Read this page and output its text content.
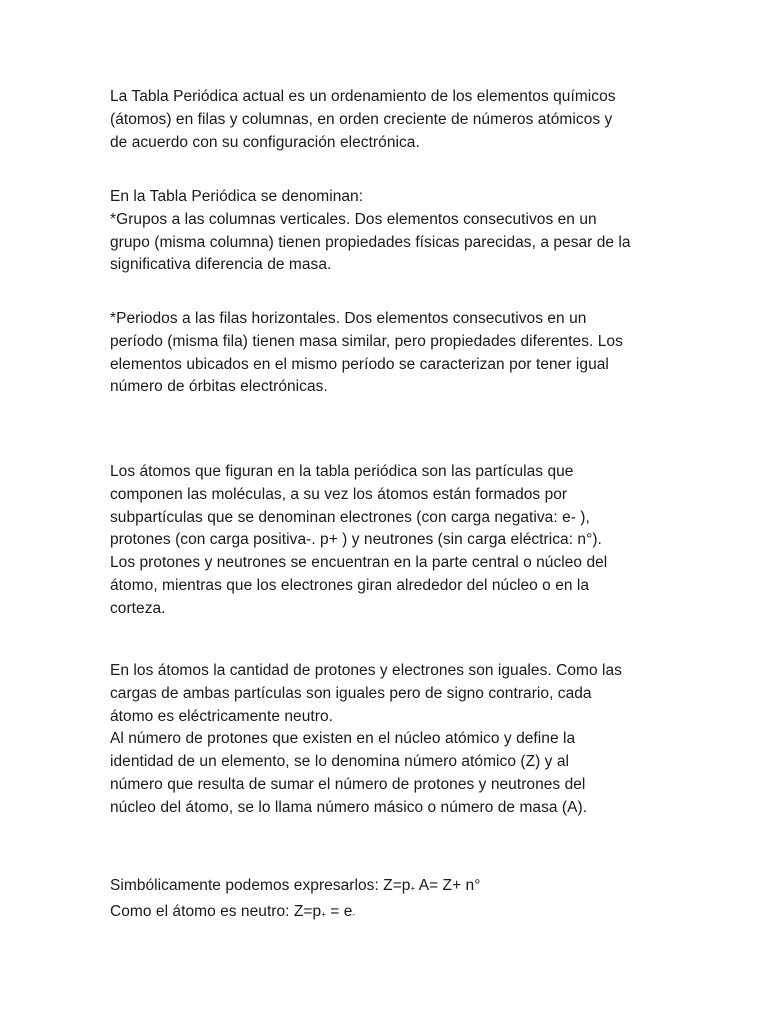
La Tabla Periódica actual es un ordenamiento de los elementos químicos
(átomos) en filas y columnas, en orden creciente de números atómicos y
de acuerdo con su configuración electrónica.

En la Tabla Periódica se denominan:
*Grupos a las columnas verticales. Dos elementos consecutivos en un
grupo (misma columna) tienen propiedades físicas parecidas, a pesar de la
significativa diferencia de masa.

*Periodos a las filas horizontales. Dos elementos consecutivos en un
período (misma fila) tienen masa similar, pero propiedades diferentes. Los
elementos ubicados en el mismo período se caracterizan por tener igual
número de órbitas electrónicas.

Los átomos que figuran en la tabla periódica son las partículas que
componen las moléculas, a su vez los átomos están formados por
subpartículas que se denominan electrones (con carga negativa: e- ),
protones (con carga positiva-. p+ ) y neutrones (sin carga eléctrica: n°).
Los protones y neutrones se encuentran en la parte central o núcleo del
átomo, mientras que los electrones giran alrededor del núcleo o en la
corteza.

En los átomos la cantidad de protones y electrones son iguales. Como las
cargas de ambas partículas son iguales pero de signo contrario, cada
átomo es eléctricamente neutro.
Al número de protones que existen en el núcleo atómico y define la
identidad de un elemento, se lo denomina número atómico (Z) y al
número que resulta de sumar el número de protones y neutrones del
núcleo del átomo, se lo llama número másico o número de masa (A).

Simbólicamente podemos expresarlos: $Z=p_+$ A= Z+ n°
Como el átomo es neutro: $Z=p_+ = e_-$
